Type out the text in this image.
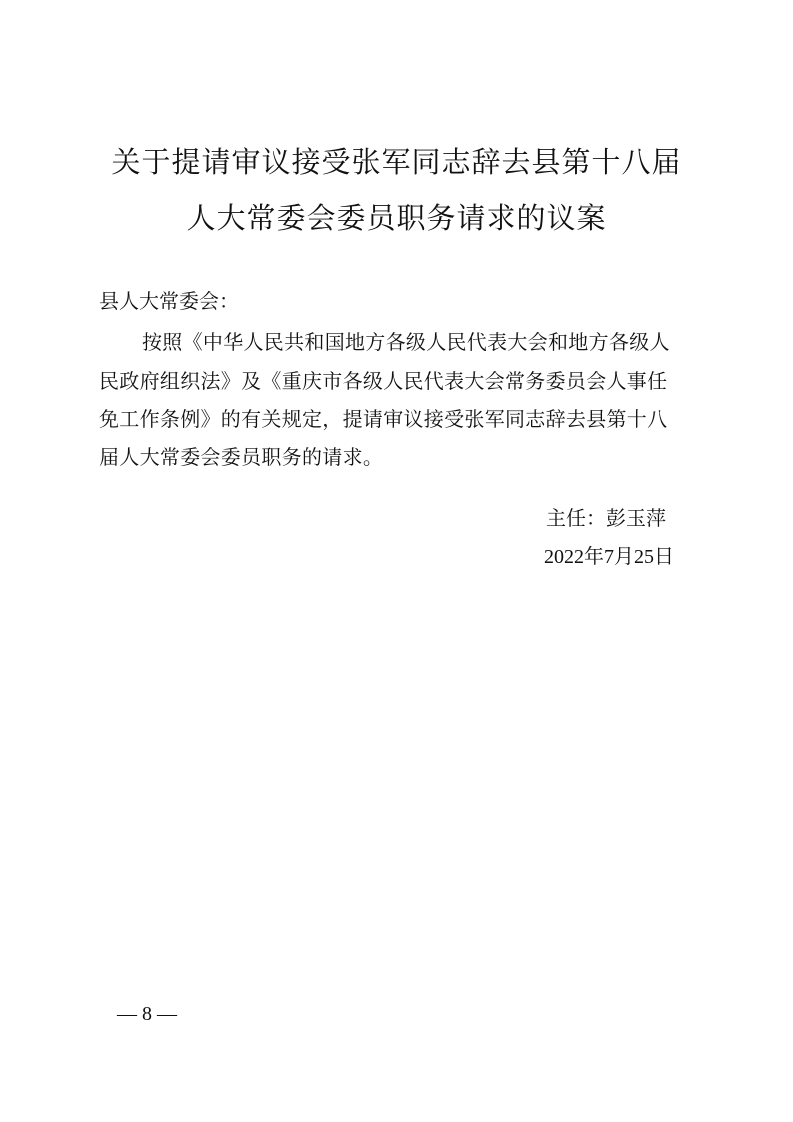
关于提请审议接受张军同志辞去县第十八届
人大常委会委员职务请求的议案
县人大常委会：
按照《中华人民共和国地方各级人民代表大会和地方各级人
民政府组织法》及《重庆市各级人民代表大会常务委员会人事任
免工作条例》的有关规定，提请审议接受张军同志辞去县第十八
届人大常委会委员职务的请求。
主任：彭玉萍
2022年7月25日
— 8 —
